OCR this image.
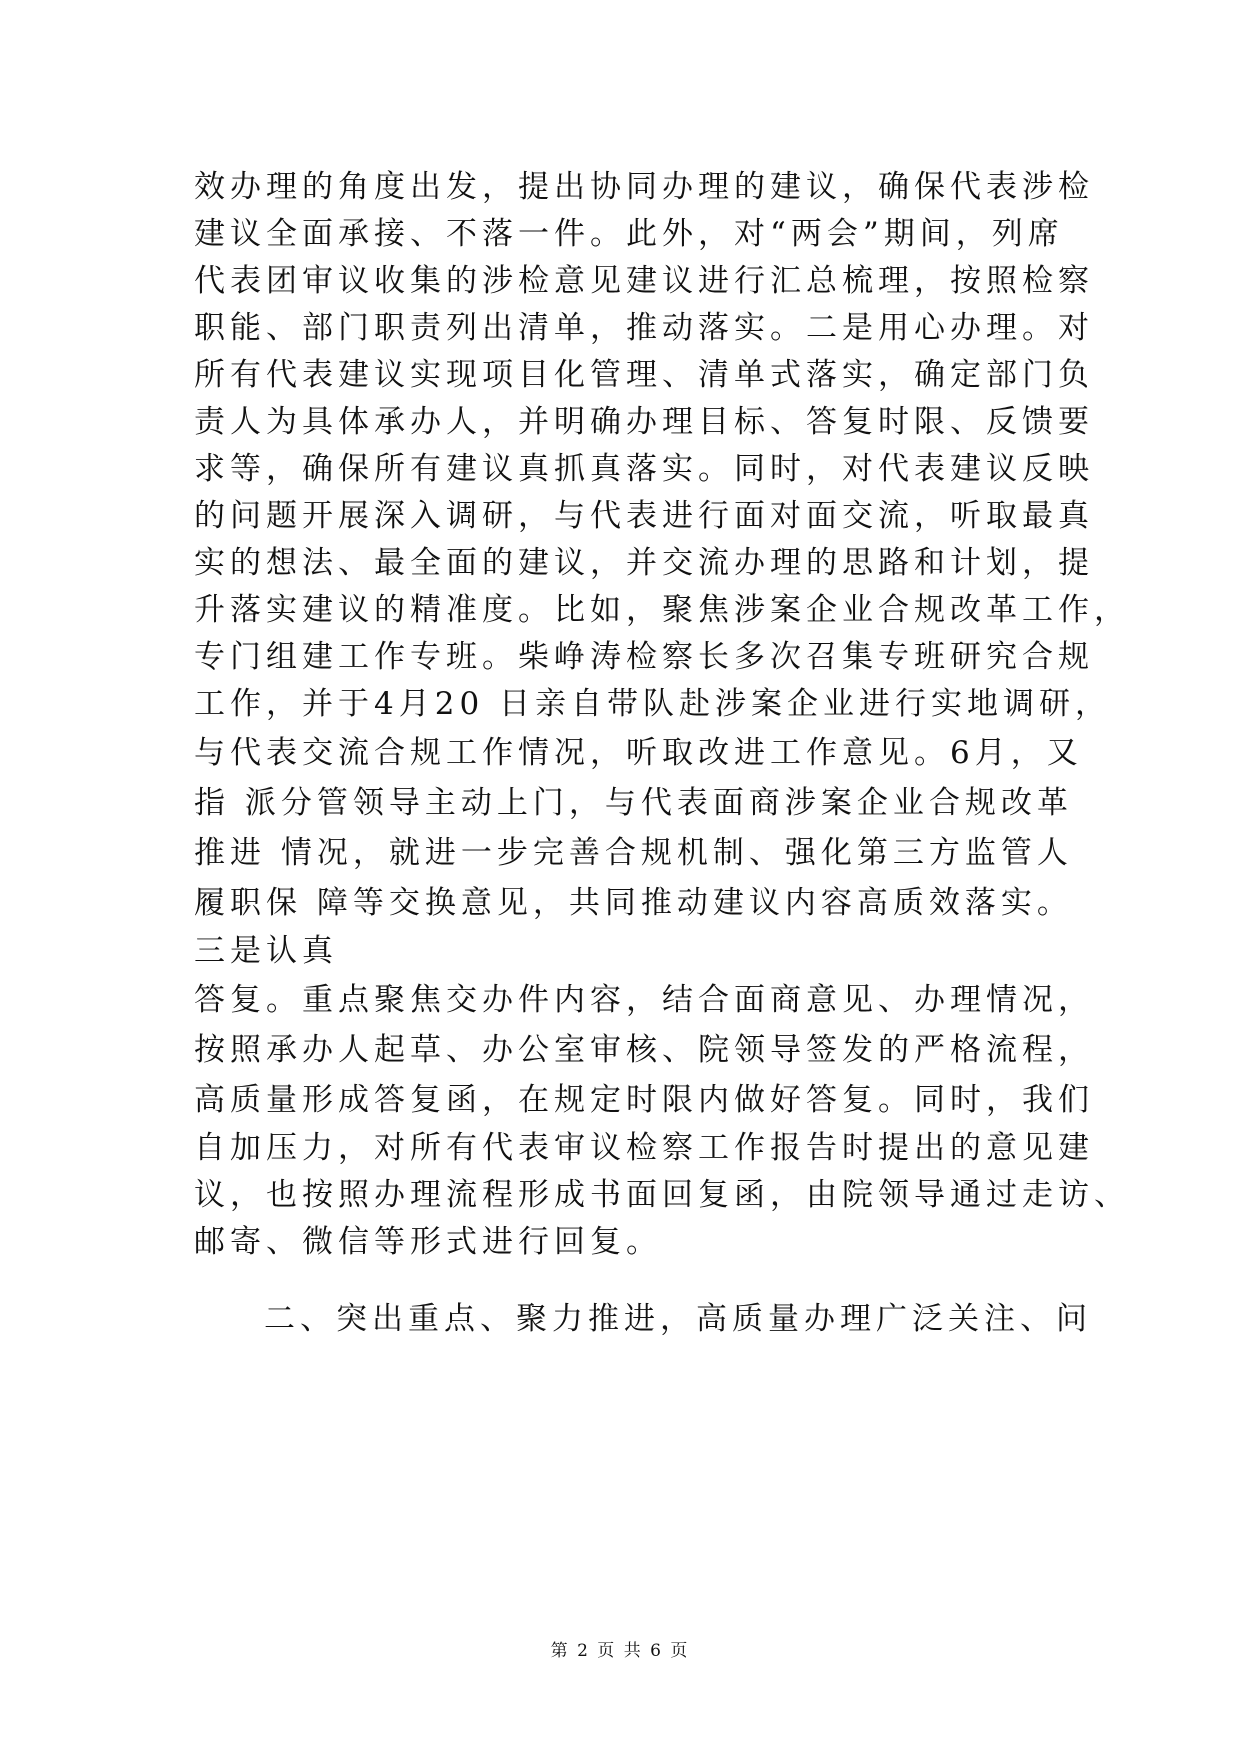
效办理的角度出发，提出协同办理的建议，确保代表涉检
建议全面承接、不落一件。此外，对“两会”期间，列席
代表团审议收集的涉检意见建议进行汇总梳理，按照检察
职能、部门职责列出清单，推动落实。二是用心办理。对
所有代表建议实现项目化管理、清单式落实，确定部门负
责人为具体承办人，并明确办理目标、答复时限、反馈要
求等，确保所有建议真抓真落实。同时，对代表建议反映
的问题开展深入调研，与代表进行面对面交流，听取最真
实的想法、最全面的建议，并交流办理的思路和计划，提
升落实建议的精准度。比如，聚焦涉案企业合规改革工作，
专门组建工作专班。柴峥涛检察长多次召集专班研究合规
工作，并于4月20 日亲自带队赴涉案企业进行实地调研，
与代表交流合规工作情况，听取改进工作意见。6月，又
指 派分管领导主动上门，与代表面商涉案企业合规改革
推进 情况，就进一步完善合规机制、强化第三方监管人
履职保 障等交换意见，共同推动建议内容高质效落实。
三是认真
答复。重点聚焦交办件内容，结合面商意见、办理情况，
按照承办人起草、办公室审核、院领导签发的严格流程，
高质量形成答复函，在规定时限内做好答复。同时，我们
自加压力，对所有代表审议检察工作报告时提出的意见建
议，也按照办理流程形成书面回复函，由院领导通过走访、
邮寄、微信等形式进行回复。
二、突出重点、聚力推进，高质量办理广泛关注、问
第 2 页 共 6 页
